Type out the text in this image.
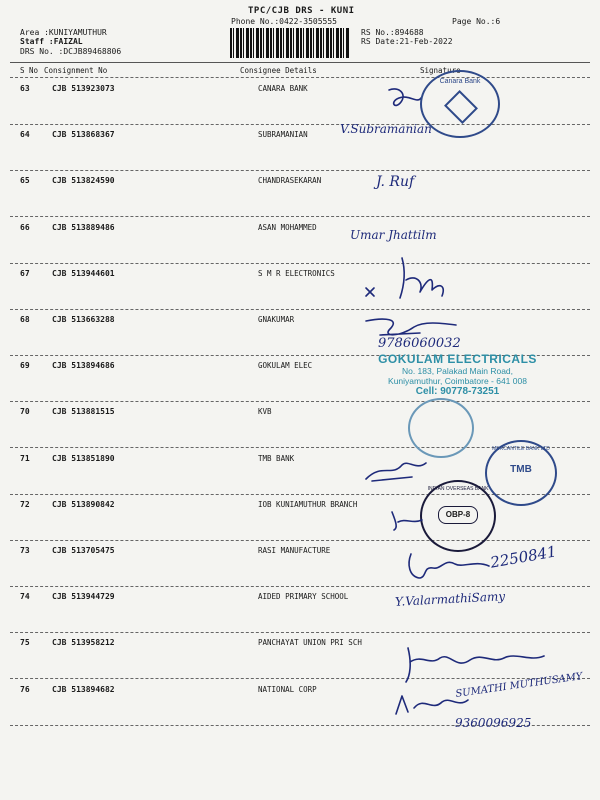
TPC/CJB DRS - KUNI
Phone No.:0422-3505555	Page No.:6
Area :KUNIYAMUTHUR
Staff :FAIZAL
DRS No. :DCJB89468806
RS No.:894688
RS Date:21-Feb-2022
S No Consignment No	Consignee Details	Signature
63	CJB 513923073	CANARA BANK
64	CJB 513868367	SUBRAMANIAN
65	CJB 513824590	CHANDRASEKARAN
66	CJB 513889486	ASAN MOHAMMED
67	CJB 513944601	S M R ELECTRONICS
68	CJB 513663288	GNAKUMAR
69	CJB 513894686	GOKULAM ELEC
70	CJB 513881515	KVB
71	CJB 513851890	TMB BANK
72	CJB 513890842	IOB KUNIAMUTHUR BRANCH
73	CJB 513705475	RASI MANUFACTURE
74	CJB 513944729	AIDED PRIMARY SCHOOL
75	CJB 513958212	PANCHAYAT UNION PRI SCH
76	CJB 513894682	NATIONAL CORP
Canara Bank
V.Subramanian
J. Ruf
Umar Jhattilm
9786060032
GOKULAM ELECTRICALS
No. 183, Palakad Main Road,
Kuniyamuthur, Coimbatore - 641 008
Cell: 90778-73251
TMB
MERCANTILE BANK LTD
INDIAN OVERSEAS BANK
OBP-8
2250841
Y.ValarmathiSamy
SUMATHI MUTHUSAMY
9360096925
